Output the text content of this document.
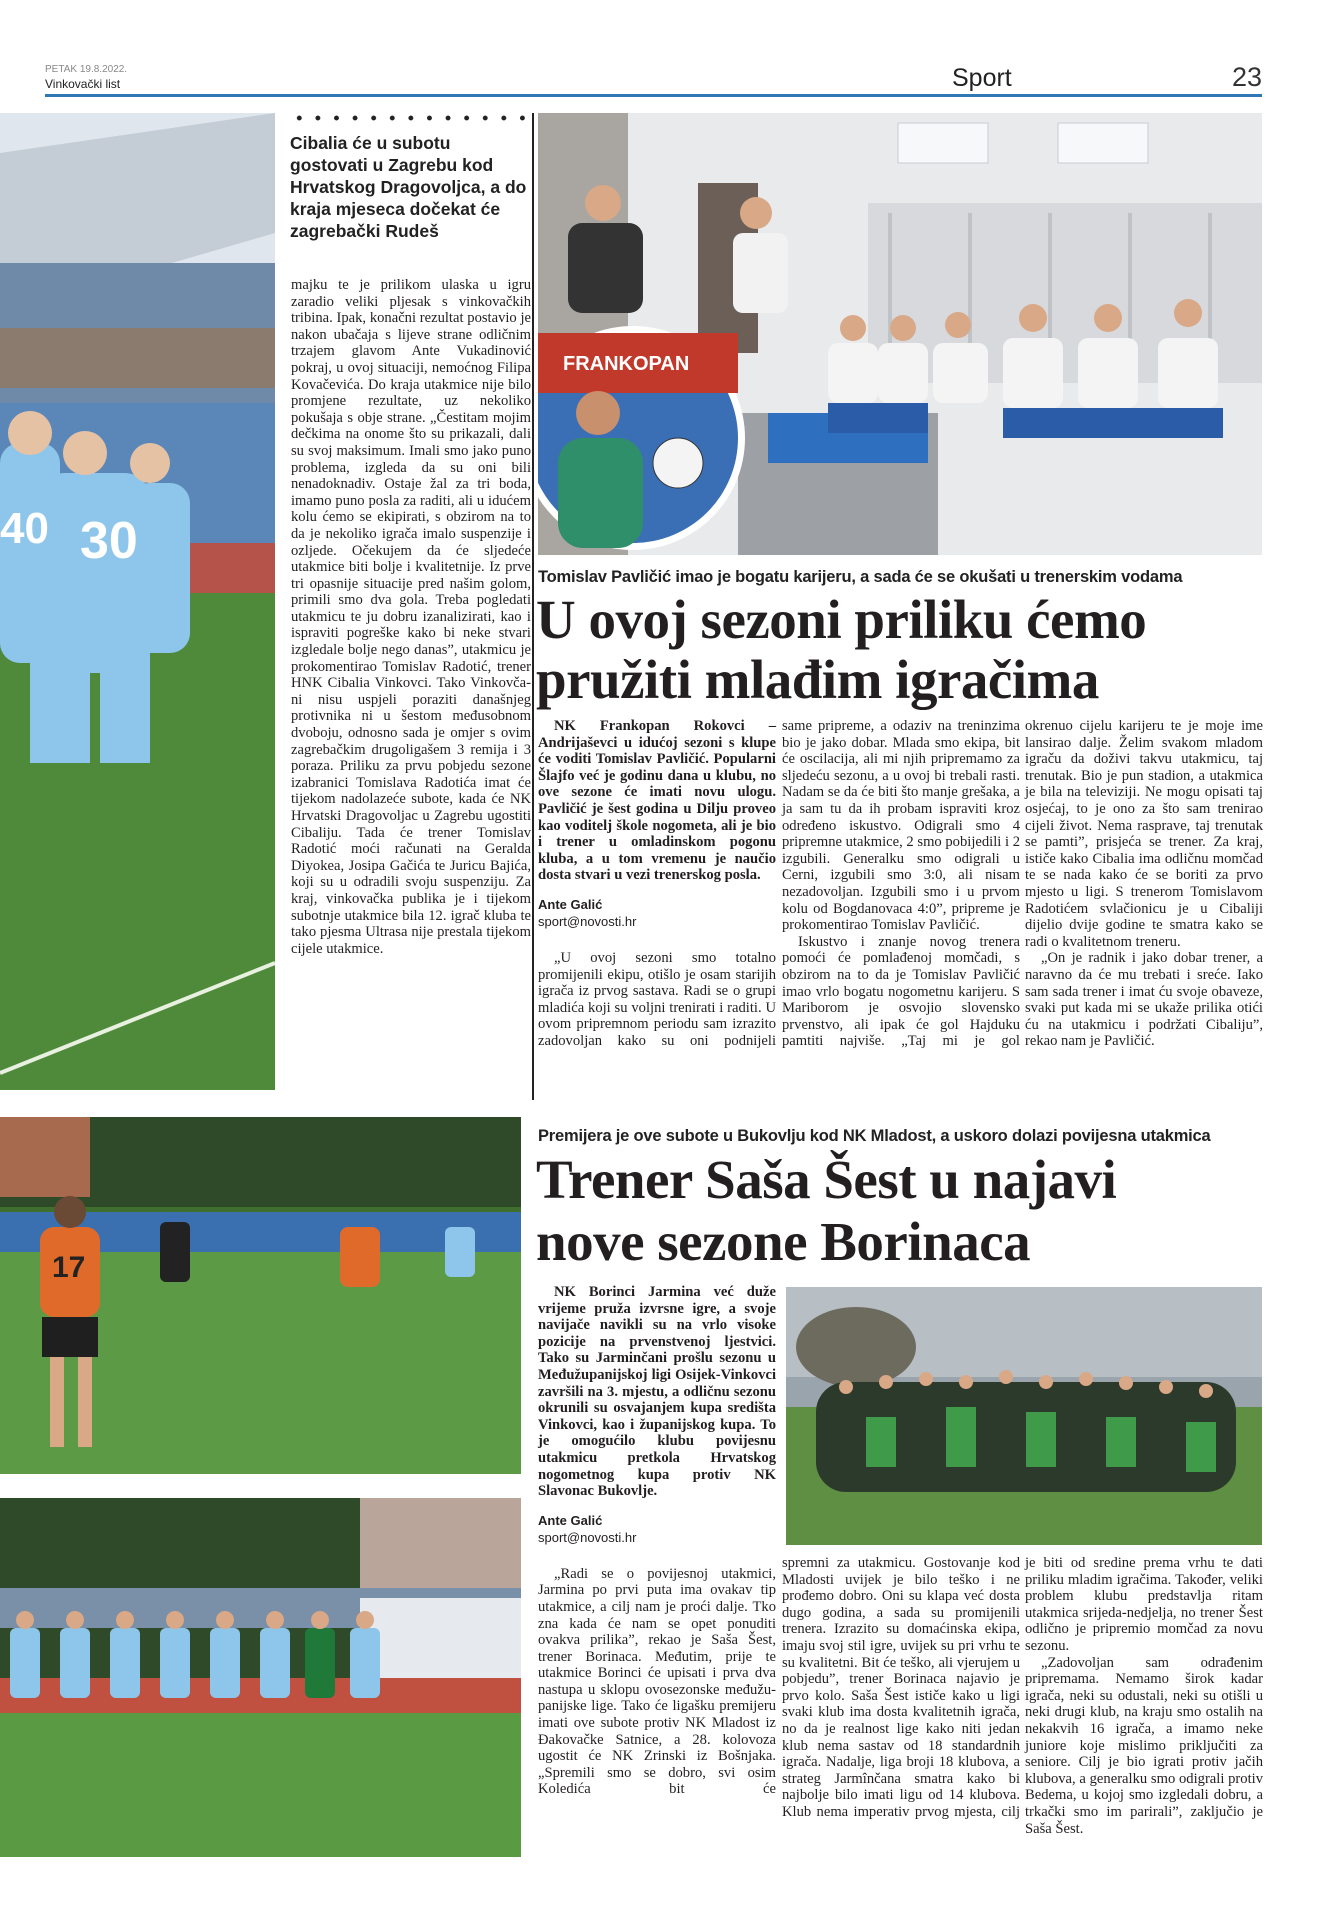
PETAK 19.8.2022.
Vinkovački list	Sport	23
30
40
Cibalia će u subotu gostovati u Zagrebu kod Hrvatskog Dragovoljca, a do kraja mjeseca dočekat će zagrebački Rudeš

majku te je prilikom ulaska u igru zaradio veliki pljesak s vinkovačkih tribina. Ipak, konačni rezultat postavio je nakon ubačaja s lijeve strane odličnim trzajem glavom Ante Vukadinović pokraj, u ovoj situaciji, nemoćnog Filipa Kovačevića. Do kraja utakmice nije bilo promjene rezultate, uz nekoliko pokušaja s obje strane. „Čestitam mojim dečkima na onome što su prikazali, dali su svoj maksimum. Imali smo jako puno problema, izgleda da su oni bili nenadoknadiv. Ostaje žal za tri boda, imamo puno posla za raditi, ali u idućem kolu ćemo se ekipirati, s obzirom na to da je nekoliko igrača imalo suspenzije i ozljede. Očekujem da će sljedeće utakmice biti bolje i kvalitetnije. Iz prve tri opasnije situacije pred našim golom, primili smo dva gola. Treba pogledati utakmicu te ju dobru izanalizirati, kao i ispraviti pogreške kako bi neke stvari izgledale bolje nego danas”, utakmicu je prokomentirao Tomislav Radotić, trener HNK Cibalia Vinkovci. Tako Vinkovčani nisu uspjeli poraziti današnjeg protivnika ni u šestom međusobnom dvoboju, odnosno sada je omjer s ovim zagrebačkim drugoligašem 3 remija i 3 poraza. Priliku za prvu pobjedu sezone izabranici Tomislava Radotića imat će tijekom nadolazeće subote, kada će NK Hrvatski Dragovoljac u Zagrebu ugostiti Cibaliju. Tada će trener Tomislav Radotić moći računati na Geralda Diyokea, Josipa Gačića te Juricu Bajića, koji su u odradili svoju suspenziju. Za kraj, vinkovačka publika je i tijekom subotnje utakmice bila 12. igrač kluba te tako pjesma Ultrasa nije prestala tijekom cijele utakmice.

FRANKOPAN
Tomislav Pavličić imao je bogatu karijeru, a sada će se okušati u trenerskim vodama
U ovoj sezoni priliku ćemo
pružiti mlađim igračima

NK Frankopan Rokovci – Andrijaševci u idućoj sezoni s klupe će voditi Tomislav Pavličić. Popularni Šlajfo već je godinu dana u klubu, no ove sezone će imati novu ulogu. Pavličić je šest godina u Dilju proveo kao voditelj škole nogometa, ali je bio i trener u omladinskom pogonu kluba, a u tom vremenu je naučio dosta stvari u vezi trenerskog posla.

Ante Galić
sport@novosti.hr

„U ovoj sezoni smo totalno promijenili ekipu, otišlo je osam starijih igrača iz prvog sastava. Radi se o grupi mladića koji su voljni trenirati i raditi. U ovom pripremnom periodu sam izrazito zadovoljan kako su oni podnijeli

same pripreme, a odaziv na treninzima bio je jako dobar. Mlada smo ekipa, bit će oscilacija, ali mi njih pripremamo za sljedeću sezonu, a u ovoj bi trebali rasti. Nadam se da će biti što manje grešaka, a ja sam tu da ih probam ispraviti kroz određeno iskustvo. Odigrali smo 4 pripremne utakmice, 2 smo pobijedili i 2 izgubili. Generalku smo odigrali u Cerni, izgubili smo 3:0, ali nisam nezadovoljan. Izgubili smo i u prvom kolu od Bogdanovaca 4:0”, pripreme je prokomentirao Tomislav Pavličić.

Iskustvo i znanje novog trenera pomoći će pomlađenoj momčadi, s obzirom na to da je Tomislav Pavličić imao vrlo bogatu nogometnu karijeru. S Mariborom je osvojio slovensko prvenstvo, ali ipak će gol Hajduku pamtiti najviše. „Taj mi je gol

okrenuo cijelu karijeru te je moje ime lansirao dalje. Želim svakom mladom igraču da doživi takvu utakmicu, taj trenutak. Bio je pun stadion, a utakmica je bila na televiziji. Ne mogu opisati taj osjećaj, to je ono za što sam trenirao cijeli život. Nema rasprave, taj trenutak se pamti”, prisjeća se trener. Za kraj, ističe kako Cibalia ima odličnu momčad te se nada kako će se boriti za prvo mjesto u ligi. S trenerom Tomislavom Radotićem svlačionicu je u Cibaliji dijelio dvije godine te smatra kako se radi o kvalitetnom treneru.

„On je radnik i jako dobar trener, a naravno da će mu trebati i sreće. Iako sam sada trener i imat ću svoje obaveze, svaki put kada mi se ukaže prilika otići ću na utakmicu i podržati Cibaliju”, rekao nam je Pavličić.

17
Premijera je ove subote u Bukovlju kod NK Mladost, a uskoro dolazi povijesna utakmica
Trener Saša Šest u najavi
nove sezone Borinaca

NK Borinci Jarmina već duže vrijeme pruža izvrsne igre, a svoje navijače navikli su na vrlo visoke pozicije na prvenstvenoj ljestvici. Tako su Jarminčani prošlu sezonu u Međužupanijskoj ligi Osijek-Vinkovci završili na 3. mjestu, a odličnu sezonu okrunili su osvajanjem kupa središta Vinkovci, kao i županijskog kupa. To je omogućilo klubu povijesnu utakmicu pretkola Hrvatskog nogometnog kupa protiv NK Slavonac Bukovlje.

Ante Galić
sport@novosti.hr

„Radi se o povijesnoj utakmici, Jarmina po prvi puta ima ovakav tip utakmice, a cilj nam je proći dalje. Tko zna kada će nam se opet ponuditi ovakva prilika”, rekao je Saša Šest, trener Borinaca. Međutim, prije te utakmice Borinci će upisati i prva dva nastupa u sklopu ovosezonske međužupanijske lige. Tako će ligašku premijeru imati ove subote protiv NK Mladost iz Đakovačke Satnice, a 28. kolovoza ugostit će NK Zrinski iz Bošnjaka. „Spremili smo se dobro, svi osim Koledića bit će

spremni za utakmicu. Gostovanje kod Mladosti uvijek je bilo teško i ne prođemo dobro. Oni su klapa već dosta dugo godina, a sada su promijenili trenera. Izrazito su domaćinska ekipa, imaju svoj stil igre, uvijek su pri vrhu te su kvalitetni. Bit će teško, ali vjerujem u pobjedu”, trener Borinaca najavio je prvo kolo. Saša Šest ističe kako u ligi svaki klub ima dosta kvalitetnih igrača, no da je realnost lige kako niti jedan klub nema sastav od 18 standardnih igrača. Nadalje, liga broji 18 klubova, a strateg Jarmînčana smatra kako bi najbolje bilo imati ligu od 14 klubova. Klub nema imperativ prvog mjesta, cilj

je biti od sredine prema vrhu te dati priliku mladim igračima. Također, veliki problem klubu predstavlja ritam utakmica srijeda-nedjelja, no trener Šest odlično je pripremio momčad za novu sezonu.

„Zadovoljan sam odrađenim pripremama. Nemamo širok kadar igrača, neki su odustali, neki su otišli u neki drugi klub, na kraju smo ostalih na nekakvih 16 igrača, a imamo neke juniore koje mislimo priključiti za seniore. Cilj je bio igrati protiv jačih klubova, a generalku smo odigrali protiv Bedema, u kojoj smo izgledali dobru, a trkački smo im parirali”, zaključio je Saša Šest.
